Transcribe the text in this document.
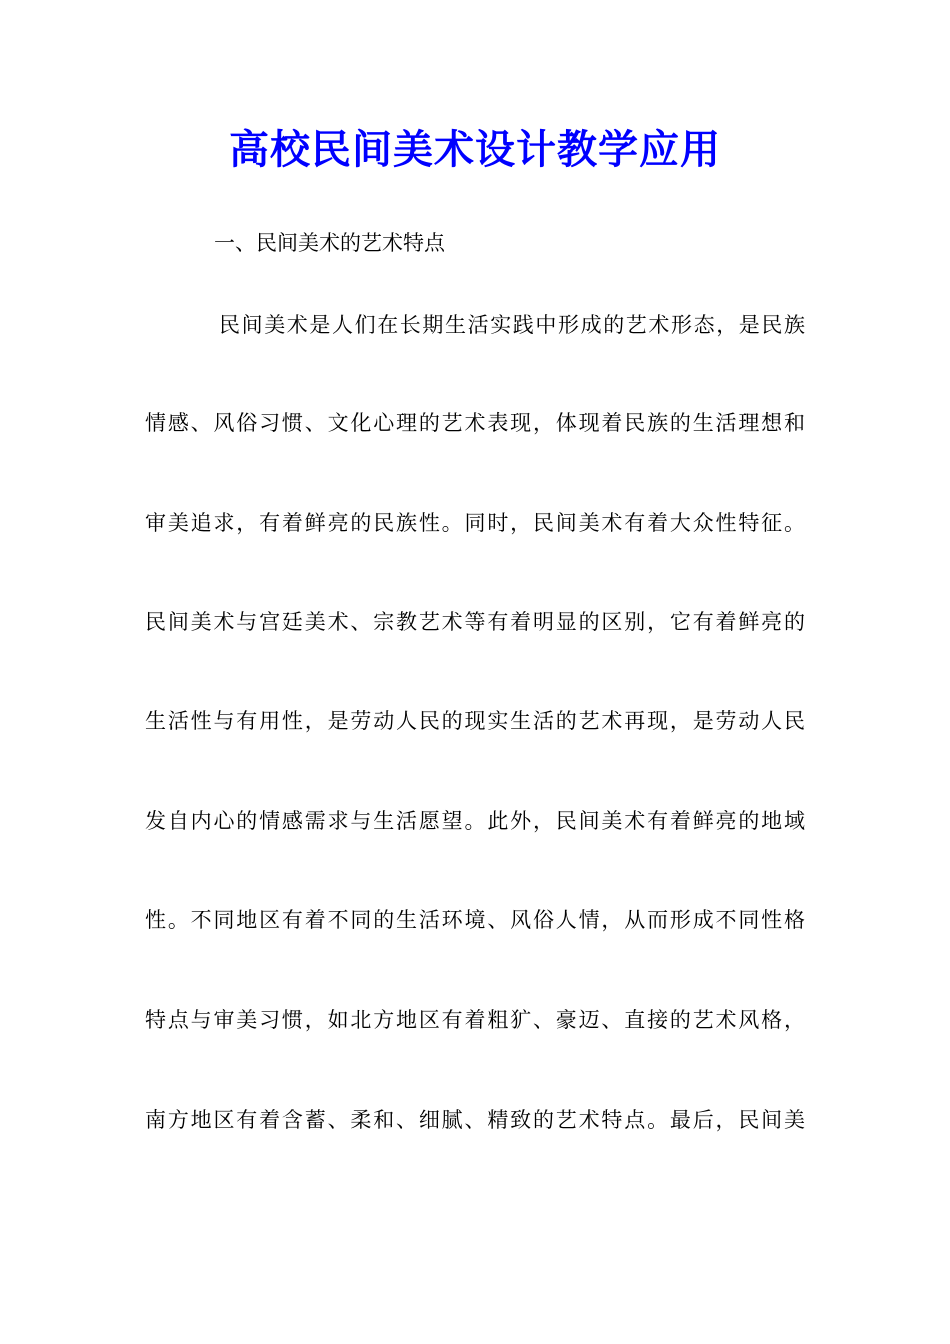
高校民间美术设计教学应用
一、民间美术的艺术特点
民间美术是人们在长期生活实践中形成的艺术形态，是民族
情感、风俗习惯、文化心理的艺术表现，体现着民族的生活理想和
审美追求，有着鲜亮的民族性。同时，民间美术有着大众性特征。
民间美术与宫廷美术、宗教艺术等有着明显的区别，它有着鲜亮的
生活性与有用性，是劳动人民的现实生活的艺术再现，是劳动人民
发自内心的情感需求与生活愿望。此外，民间美术有着鲜亮的地域
性。不同地区有着不同的生活环境、风俗人情，从而形成不同性格
特点与审美习惯，如北方地区有着粗犷、豪迈、直接的艺术风格，
南方地区有着含蓄、柔和、细腻、精致的艺术特点。最后，民间美
